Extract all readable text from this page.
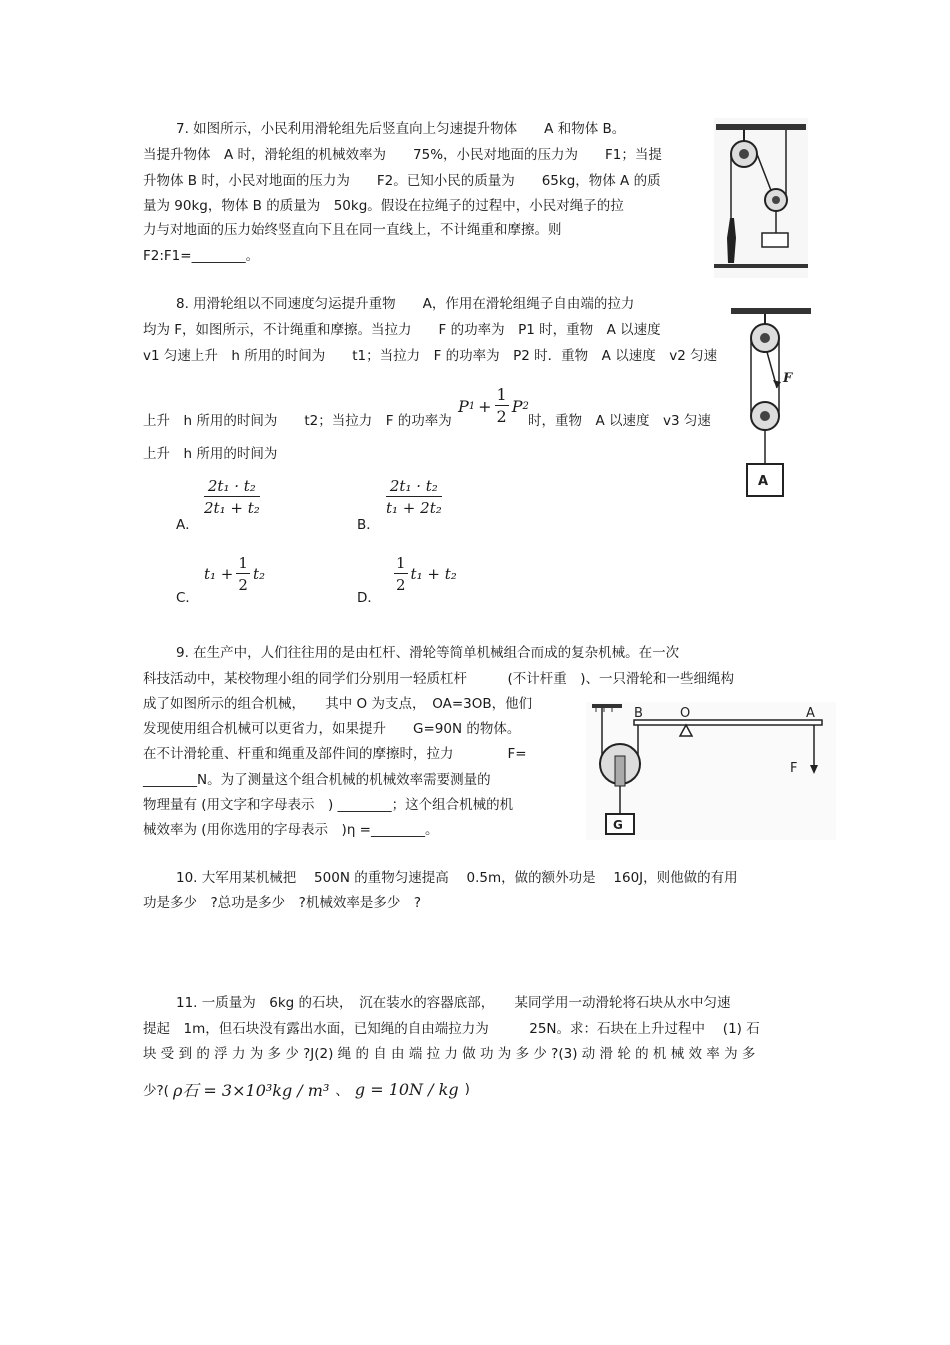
7. 如图所示，小民利用滑轮组先后竖直向上匀速提升物体　　A 和物体 B。
当提升物体　A 时，滑轮组的机械效率为　　75%，小民对地面的压力为　　F1；当提
升物体 B 时，小民对地面的压力为　　F2。已知小民的质量为　　65kg，物体 A 的质
量为 90kg，物体 B 的质量为　50kg。假设在拉绳子的过程中，小民对绳子的拉
力与对地面的压力始终竖直向下且在同一直线上，不计绳重和摩擦。则
F2:F1=________。
8. 用滑轮组以不同速度匀运提升重物　　A，作用在滑轮组绳子自由端的拉力
均为 F，如图所示，不计绳重和摩擦。当拉力　　F 的功率为　P1 时，重物　A 以速度
v1 匀速上升　h 所用的时间为　　t1；当拉力　F 的功率为　P2 时．重物　A 以速度　v2 匀速
上升　h 所用的时间为　　t2；当拉力　F 的功率为
P $1 + \frac{1}{2}$ P 2
时，重物　A 以速度　v3 匀速
上升　h 所用的时间为
A．
$\frac{\text{2t₁ · t₂}}{\text{2t₁ + t₂}}$
B．
$\frac{\text{2t₁ · t₂}}{\text{t₁ + 2t₂}}$
C．
$t_1 + \frac{1}{2} t_2$
D．
$\frac{1}{2} t_1 + t_2$
F
A
9. 在生产中，人们往往用的是由杠杆、滑轮等简单机械组合而成的复杂机械。在一次
科技活动中，某校物理小组的同学们分别用一轻质杠杆　　　(不计杆重　)、一只滑轮和一些细绳构
成了如图所示的组合机械，　　其中 O 为支点，　OA=3OB，他们
发现使用组合机械可以更省力，如果提升　　G=90N 的物体。
在不计滑轮重、杆重和绳重及部件间的摩擦时，拉力　　　　F=
________N。为了测量这个组合机械的机械效率需要测量的
物理量有 (用文字和字母表示　) ________；这个组合机械的机
械效率为 (用你选用的字母表示　)η =________。
B	O	A
F
G
10. 大军用某机械把　 500N 的重物匀速提高　 0.5m，做的额外功是　 160J，则他做的有用
功是多少　?总功是多少　?机械效率是多少　?
11. 一质量为　6kg 的石块，　沉在装水的容器底部，　　某同学用一动滑轮将石块从水中匀速
提起　1m，但石块没有露出水面，已知绳的自由端拉力为　　　25N。求：石块在上升过程中　 (1) 石
块 受 到 的 浮 力 为 多 少 ?J(2) 绳 的 自 由 端 拉 力 做 功 为 多 少 ?(3) 动 滑 轮 的 机 械 效 率 为 多
少?( ρ石 = 3×10³kg / m³ 、 g = 10N / kg )
